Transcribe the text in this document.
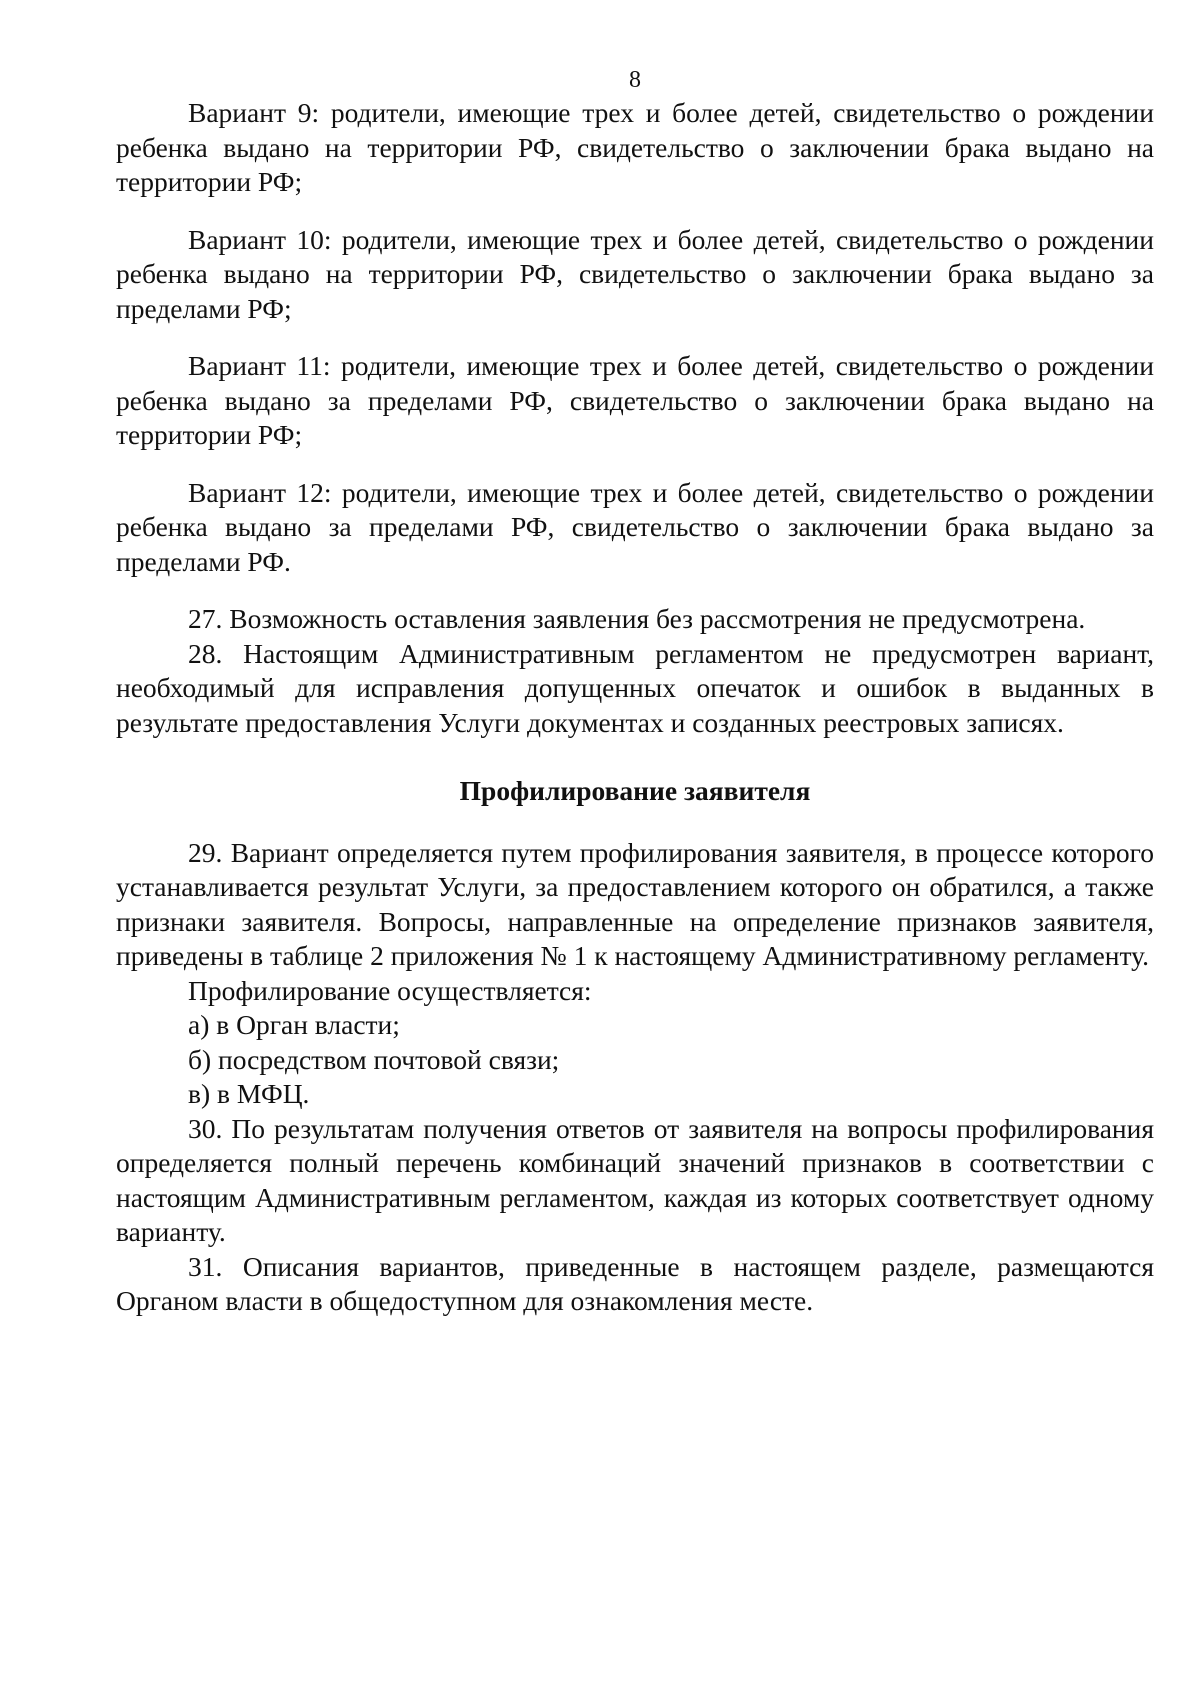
8

Вариант 9: родители, имеющие трех и более детей, свидетельство о рождении ребенка выдано на территории РФ, свидетельство о заключении брака выдано на территории РФ;

Вариант 10: родители, имеющие трех и более детей, свидетельство о рождении ребенка выдано на территории РФ, свидетельство о заключении брака выдано за пределами РФ;

Вариант 11: родители, имеющие трех и более детей, свидетельство о рождении ребенка выдано за пределами РФ, свидетельство о заключении брака выдано на территории РФ;

Вариант 12: родители, имеющие трех и более детей, свидетельство о рождении ребенка выдано за пределами РФ, свидетельство о заключении брака выдано за пределами РФ.

27. Возможность оставления заявления без рассмотрения не предусмотрена.

28. Настоящим Административным регламентом не предусмотрен вариант, необходимый для исправления допущенных опечаток и ошибок в выданных в результате предоставления Услуги документах и созданных реестровых записях.

Профилирование заявителя

29. Вариант определяется путем профилирования заявителя, в процессе которого устанавливается результат Услуги, за предоставлением которого он обратился, а также признаки заявителя. Вопросы, направленные на определение признаков заявителя, приведены в таблице 2 приложения № 1 к настоящему Административному регламенту.

Профилирование осуществляется:

а) в Орган власти;

б) посредством почтовой связи;

в) в МФЦ.

30. По результатам получения ответов от заявителя на вопросы профилирования определяется полный перечень комбинаций значений признаков в соответствии с настоящим Административным регламентом, каждая из которых соответствует одному варианту.

31. Описания вариантов, приведенные в настоящем разделе, размещаются Органом власти в общедоступном для ознакомления месте.
